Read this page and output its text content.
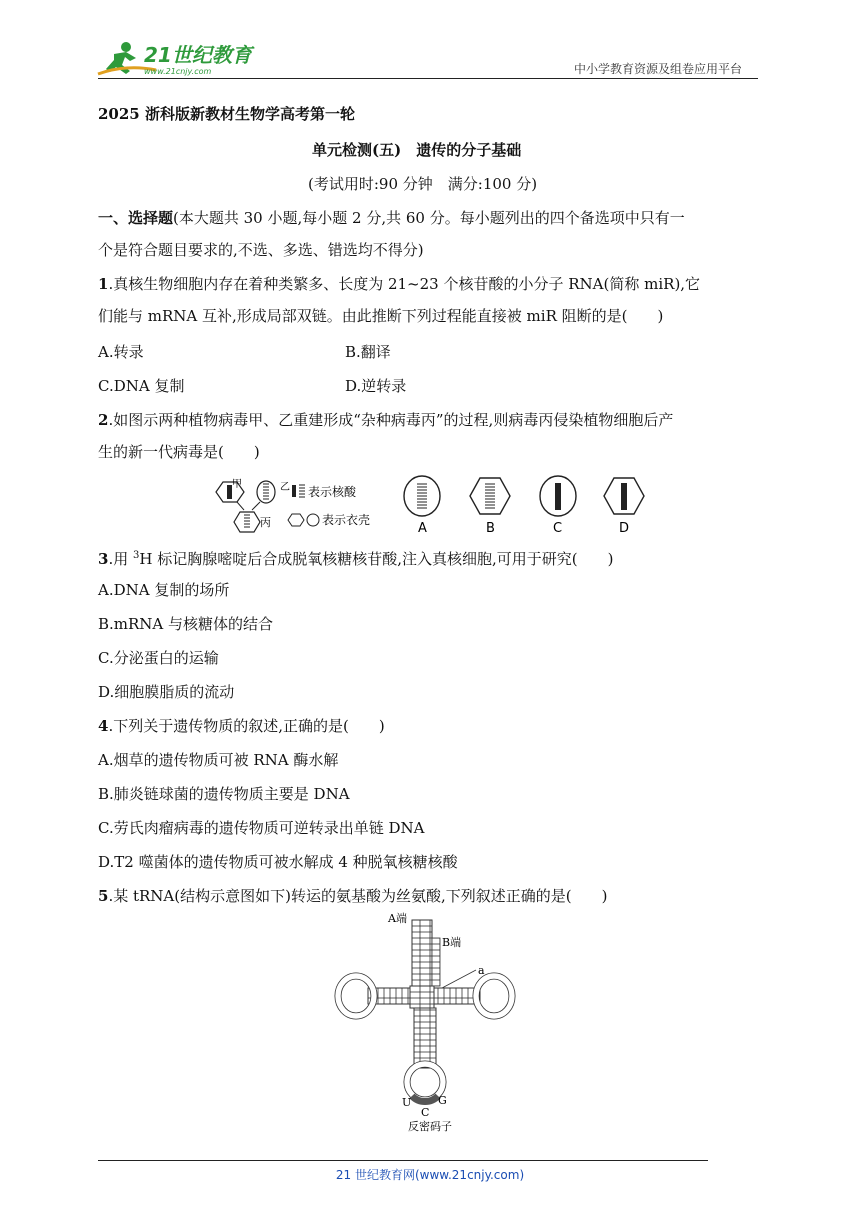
21世纪教育
www.21cnjy.com	中小学教育资源及组卷应用平台
2025 浙科版新教材生物学高考第一轮
单元检测(五)　遗传的分子基础
(考试用时:90 分钟　满分:100 分)
一、选择题(本大题共 30 小题,每小题 2 分,共 60 分。每小题列出的四个备选项中只有一
个是符合题目要求的,不选、多选、错选均不得分)
1.真核生物细胞内存在着种类繁多、长度为 21~23 个核苷酸的小分子 RNA(简称 miR),它
们能与 mRNA 互补,形成局部双链。由此推断下列过程能直接被 miR 阻断的是(　　)
A.转录	B.翻译
C.DNA 复制	D.逆转录
2.如图示两种植物病毒甲、乙重建形成“杂种病毒丙”的过程,则病毒丙侵染植物细胞后产
生的新一代病毒是(　　)
甲	乙
丙
表示核酸
表示衣壳
A	B	C	D
3.用 $^3$H 标记胸腺嘧啶后合成脱氧核糖核苷酸,注入真核细胞,可用于研究(　　)
A.DNA 复制的场所
B.mRNA 与核糖体的结合
C.分泌蛋白的运输
D.细胞膜脂质的流动
4.下列关于遗传物质的叙述,正确的是(　　)
A.烟草的遗传物质可被 RNA 酶水解
B.肺炎链球菌的遗传物质主要是 DNA
C.劳氏肉瘤病毒的遗传物质可逆转录出单链 DNA
D.T2 噬菌体的遗传物质可被水解成 4 种脱氧核糖核酸
5.某 tRNA(结构示意图如下)转运的氨基酸为丝氨酸,下列叙述正确的是(　　)
A端
B端
a
U G
C
反密码子
21 世纪教育网(www.21cnjy.com)
